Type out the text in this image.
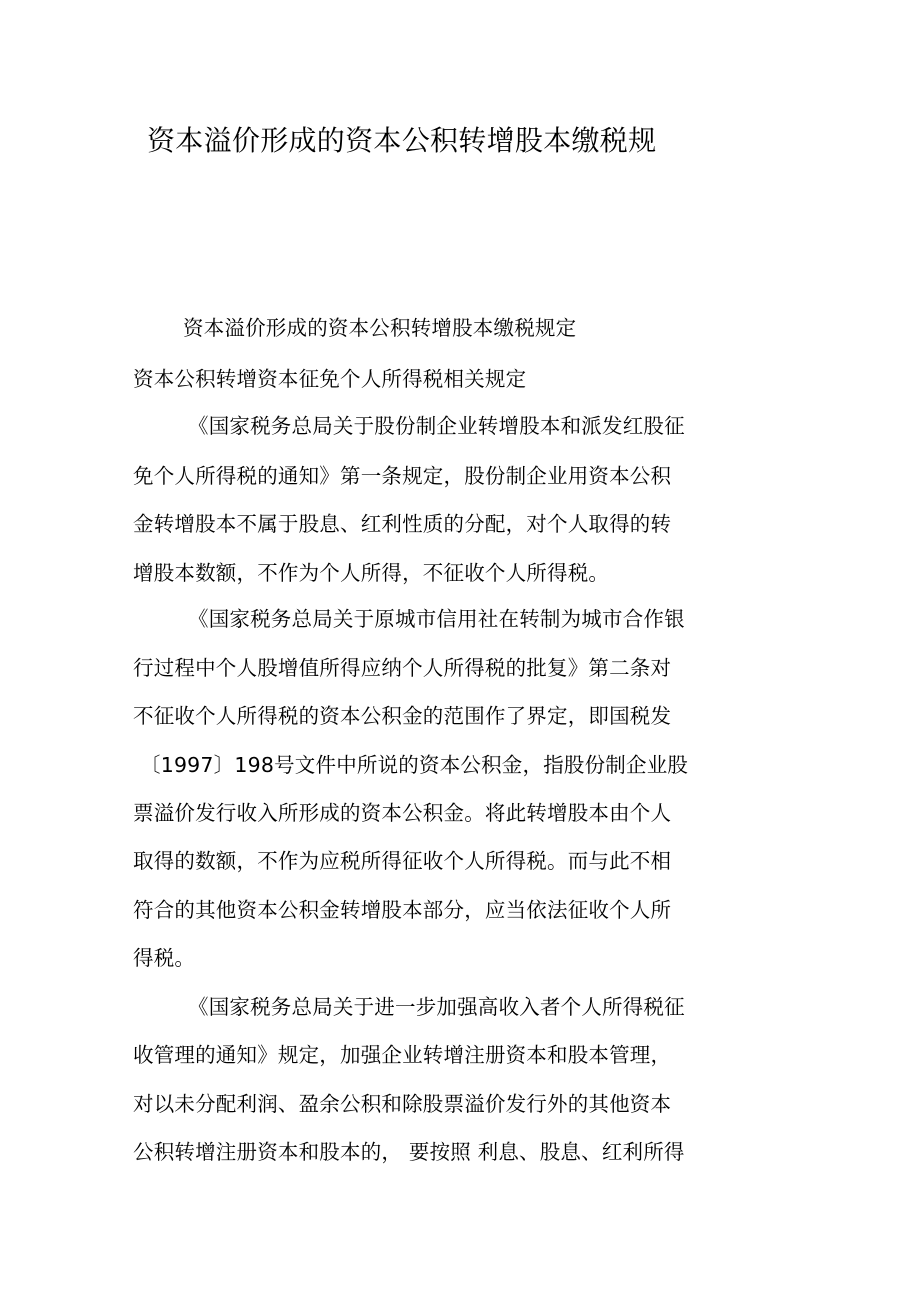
资本溢价形成的资本公积转增股本缴税规

资本溢价形成的资本公积转增股本缴税规定

资本公积转增资本征免个人所得税相关规定

《国家税务总局关于股份制企业转增股本和派发红股征

免个人所得税的通知》第一条规定，股份制企业用资本公积

金转增股本不属于股息、红利性质的分配，对个人取得的转

增股本数额，不作为个人所得，不征收个人所得税。

《国家税务总局关于原城市信用社在转制为城市合作银

行过程中个人股增值所得应纳个人所得税的批复》第二条对

不征收个人所得税的资本公积金的范围作了界定，即国税发

〔1997〕198号文件中所说的资本公积金，指股份制企业股

票溢价发行收入所形成的资本公积金。将此转增股本由个人

取得的数额，不作为应税所得征收个人所得税。而与此不相

符合的其他资本公积金转增股本部分，应当依法征收个人所

得税。

《国家税务总局关于进一步加强高收入者个人所得税征

收管理的通知》规定，加强企业转增注册资本和股本管理，

对以未分配利润、盈余公积和除股票溢价发行外的其他资本

公积转增注册资本和股本的， 要按照 利息、股息、红利所得
